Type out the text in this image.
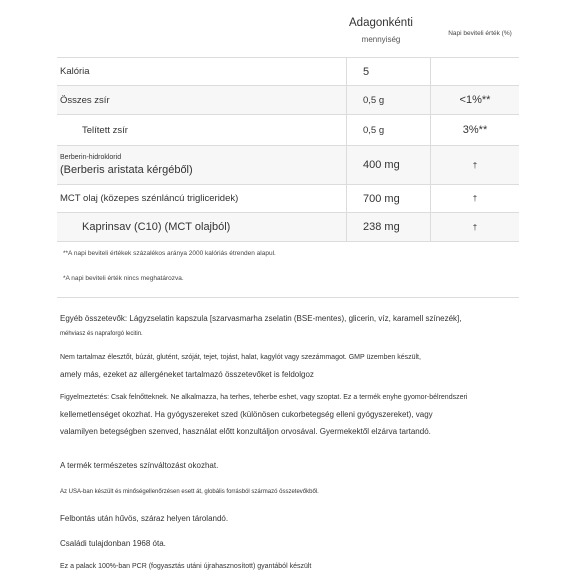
Adagonkénti
mennyiség
Napi beviteli érték (%)
Kalória	5
Összes zsír	0,5 g	<1%**
Telített zsír	0,5 g	3%**
Berberin-hidroklorid
(Berberis aristata kérgéből)	400 mg	†
MCT olaj (közepes szénláncú trigliceridek)	700 mg	†
Kaprinsav (C10) (MCT olajból)	238 mg	†
**A napi beviteli értékek százalékos aránya 2000 kalóriás étrenden alapul.
*A napi beviteli érték nincs meghatározva.
Egyéb összetevők: Lágyzselatin kapszula [szarvasmarha zselatin (BSE-mentes), glicerin, víz, karamell színezék],
méhviasz és napraforgó lecitin.
Nem tartalmaz élesztőt, búzát, glutént, szóját, tejet, tojást, halat, kagylót vagy szezámmagot. GMP üzemben készült,
amely más, ezeket az allergéneket tartalmazó összetevőket is feldolgoz
Figyelmeztetés: Csak felnőtteknek. Ne alkalmazza, ha terhes, teherbe eshet, vagy szoptat. Ez a termék enyhe gyomor-bélrendszeri
kellemetlenséget okozhat. Ha gyógyszereket szed (különösen cukorbetegség elleni gyógyszereket), vagy
valamilyen betegségben szenved, használat előtt konzultáljon orvosával. Gyermekektől elzárva tartandó.
A termék természetes színváltozást okozhat.
Az USA-ban készült és minőségellenőrzésen esett át, globális forrásból származó összetevőkből.
Felbontás után hűvös, száraz helyen tárolandó.
Családi tulajdonban 1968 óta.
Ez a palack 100%-ban PCR (fogyasztás utáni újrahasznosított) gyantából készült
